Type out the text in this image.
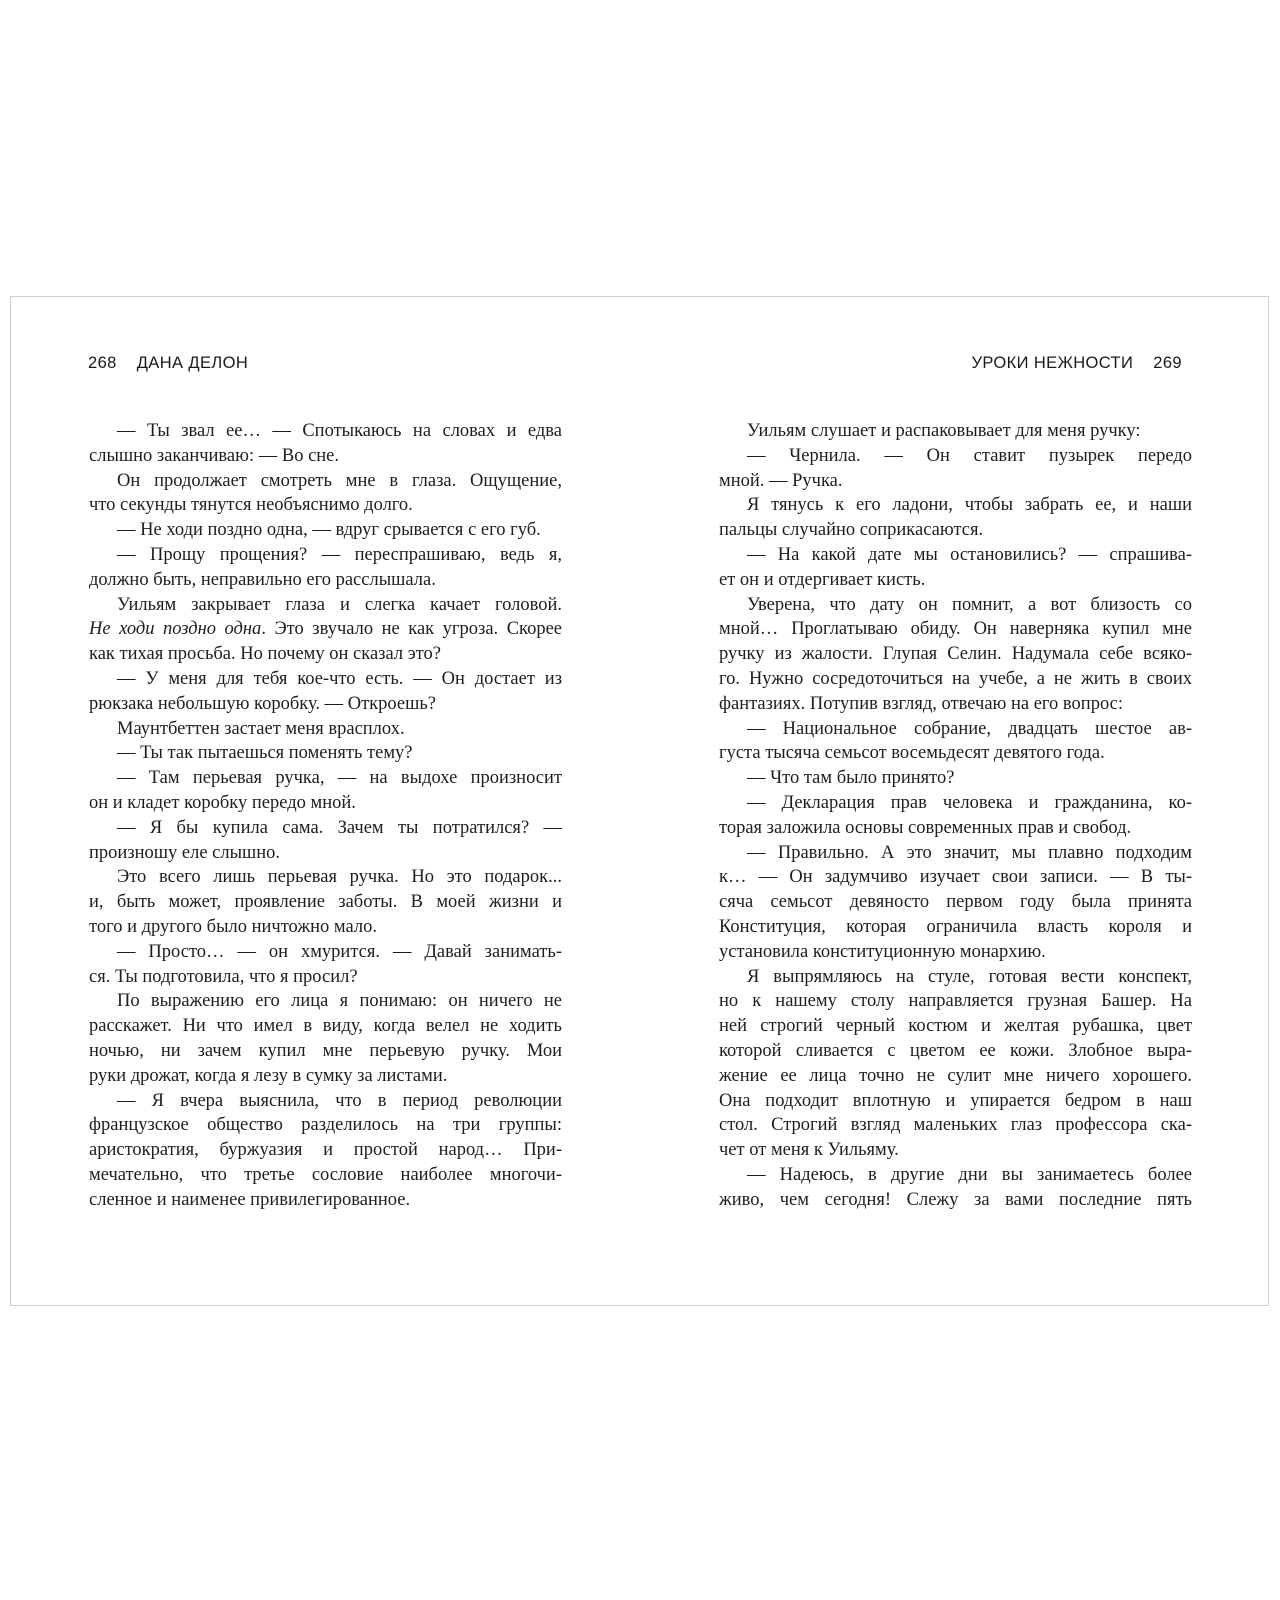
268 ДАНА ДЕЛОН	УРОКИ НЕЖНОСТИ 269
— Ты звал ее… — Спотыкаюсь на словах и едва
слышно заканчиваю: — Во сне.
Он продолжает смотреть мне в глаза. Ощущение,
что секунды тянутся необъяснимо долго.
— Не ходи поздно одна, — вдруг срывается с его губ.
— Прощу прощения? — переспрашиваю, ведь я,
должно быть, неправильно его расслышала.
Уильям закрывает глаза и слегка качает головой.
Не ходи поздно одна. Это звучало не как угроза. Скорее
как тихая просьба. Но почему он сказал это?
— У меня для тебя кое-что есть. — Он достает из
рюкзака небольшую коробку. — Откроешь?
Маунтбеттен застает меня врасплох.
— Ты так пытаешься поменять тему?
— Там перьевая ручка, — на выдохе произносит
он и кладет коробку передо мной.
— Я бы купила сама. Зачем ты потратился? —
произношу еле слышно.
Это всего лишь перьевая ручка. Но это подарок...
и, быть может, проявление заботы. В моей жизни и
того и другого было ничтожно мало.
— Просто… — он хмурится. — Давай занимать-
ся. Ты подготовила, что я просил?
По выражению его лица я понимаю: он ничего не
расскажет. Ни что имел в виду, когда велел не ходить
ночью, ни зачем купил мне перьевую ручку. Мои
руки дрожат, когда я лезу в сумку за листами.
— Я вчера выяснила, что в период революции
французское общество разделилось на три группы:
аристократия, буржуазия и простой народ… При-
мечательно, что третье сословие наиболее многочи-
сленное и наименее привилегированное.
Уильям слушает и распаковывает для меня ручку:
— Чернила. — Он ставит пузырек передо
мной. — Ручка.
Я тянусь к его ладони, чтобы забрать ее, и наши
пальцы случайно соприкасаются.
— На какой дате мы остановились? — спрашива-
ет он и отдергивает кисть.
Уверена, что дату он помнит, а вот близость со
мной… Проглатываю обиду. Он наверняка купил мне
ручку из жалости. Глупая Селин. Надумала себе всяко-
го. Нужно сосредоточиться на учебе, а не жить в своих
фантазиях. Потупив взгляд, отвечаю на его вопрос:
— Национальное собрание, двадцать шестое ав-
густа тысяча семьсот восемьдесят девятого года.
— Что там было принято?
— Декларация прав человека и гражданина, ко-
торая заложила основы современных прав и свобод.
— Правильно. А это значит, мы плавно подходим
к… — Он задумчиво изучает свои записи. — В ты-
сяча семьсот девяносто первом году была принята
Конституция, которая ограничила власть короля и
установила конституционную монархию.
Я выпрямляюсь на стуле, готовая вести конспект,
но к нашему столу направляется грузная Башер. На
ней строгий черный костюм и желтая рубашка, цвет
которой сливается с цветом ее кожи. Злобное выра-
жение ее лица точно не сулит мне ничего хорошего.
Она подходит вплотную и упирается бедром в наш
стол. Строгий взгляд маленьких глаз профессора ска-
чет от меня к Уильяму.
— Надеюсь, в другие дни вы занимаетесь более
живо, чем сегодня! Слежу за вами последние пять
